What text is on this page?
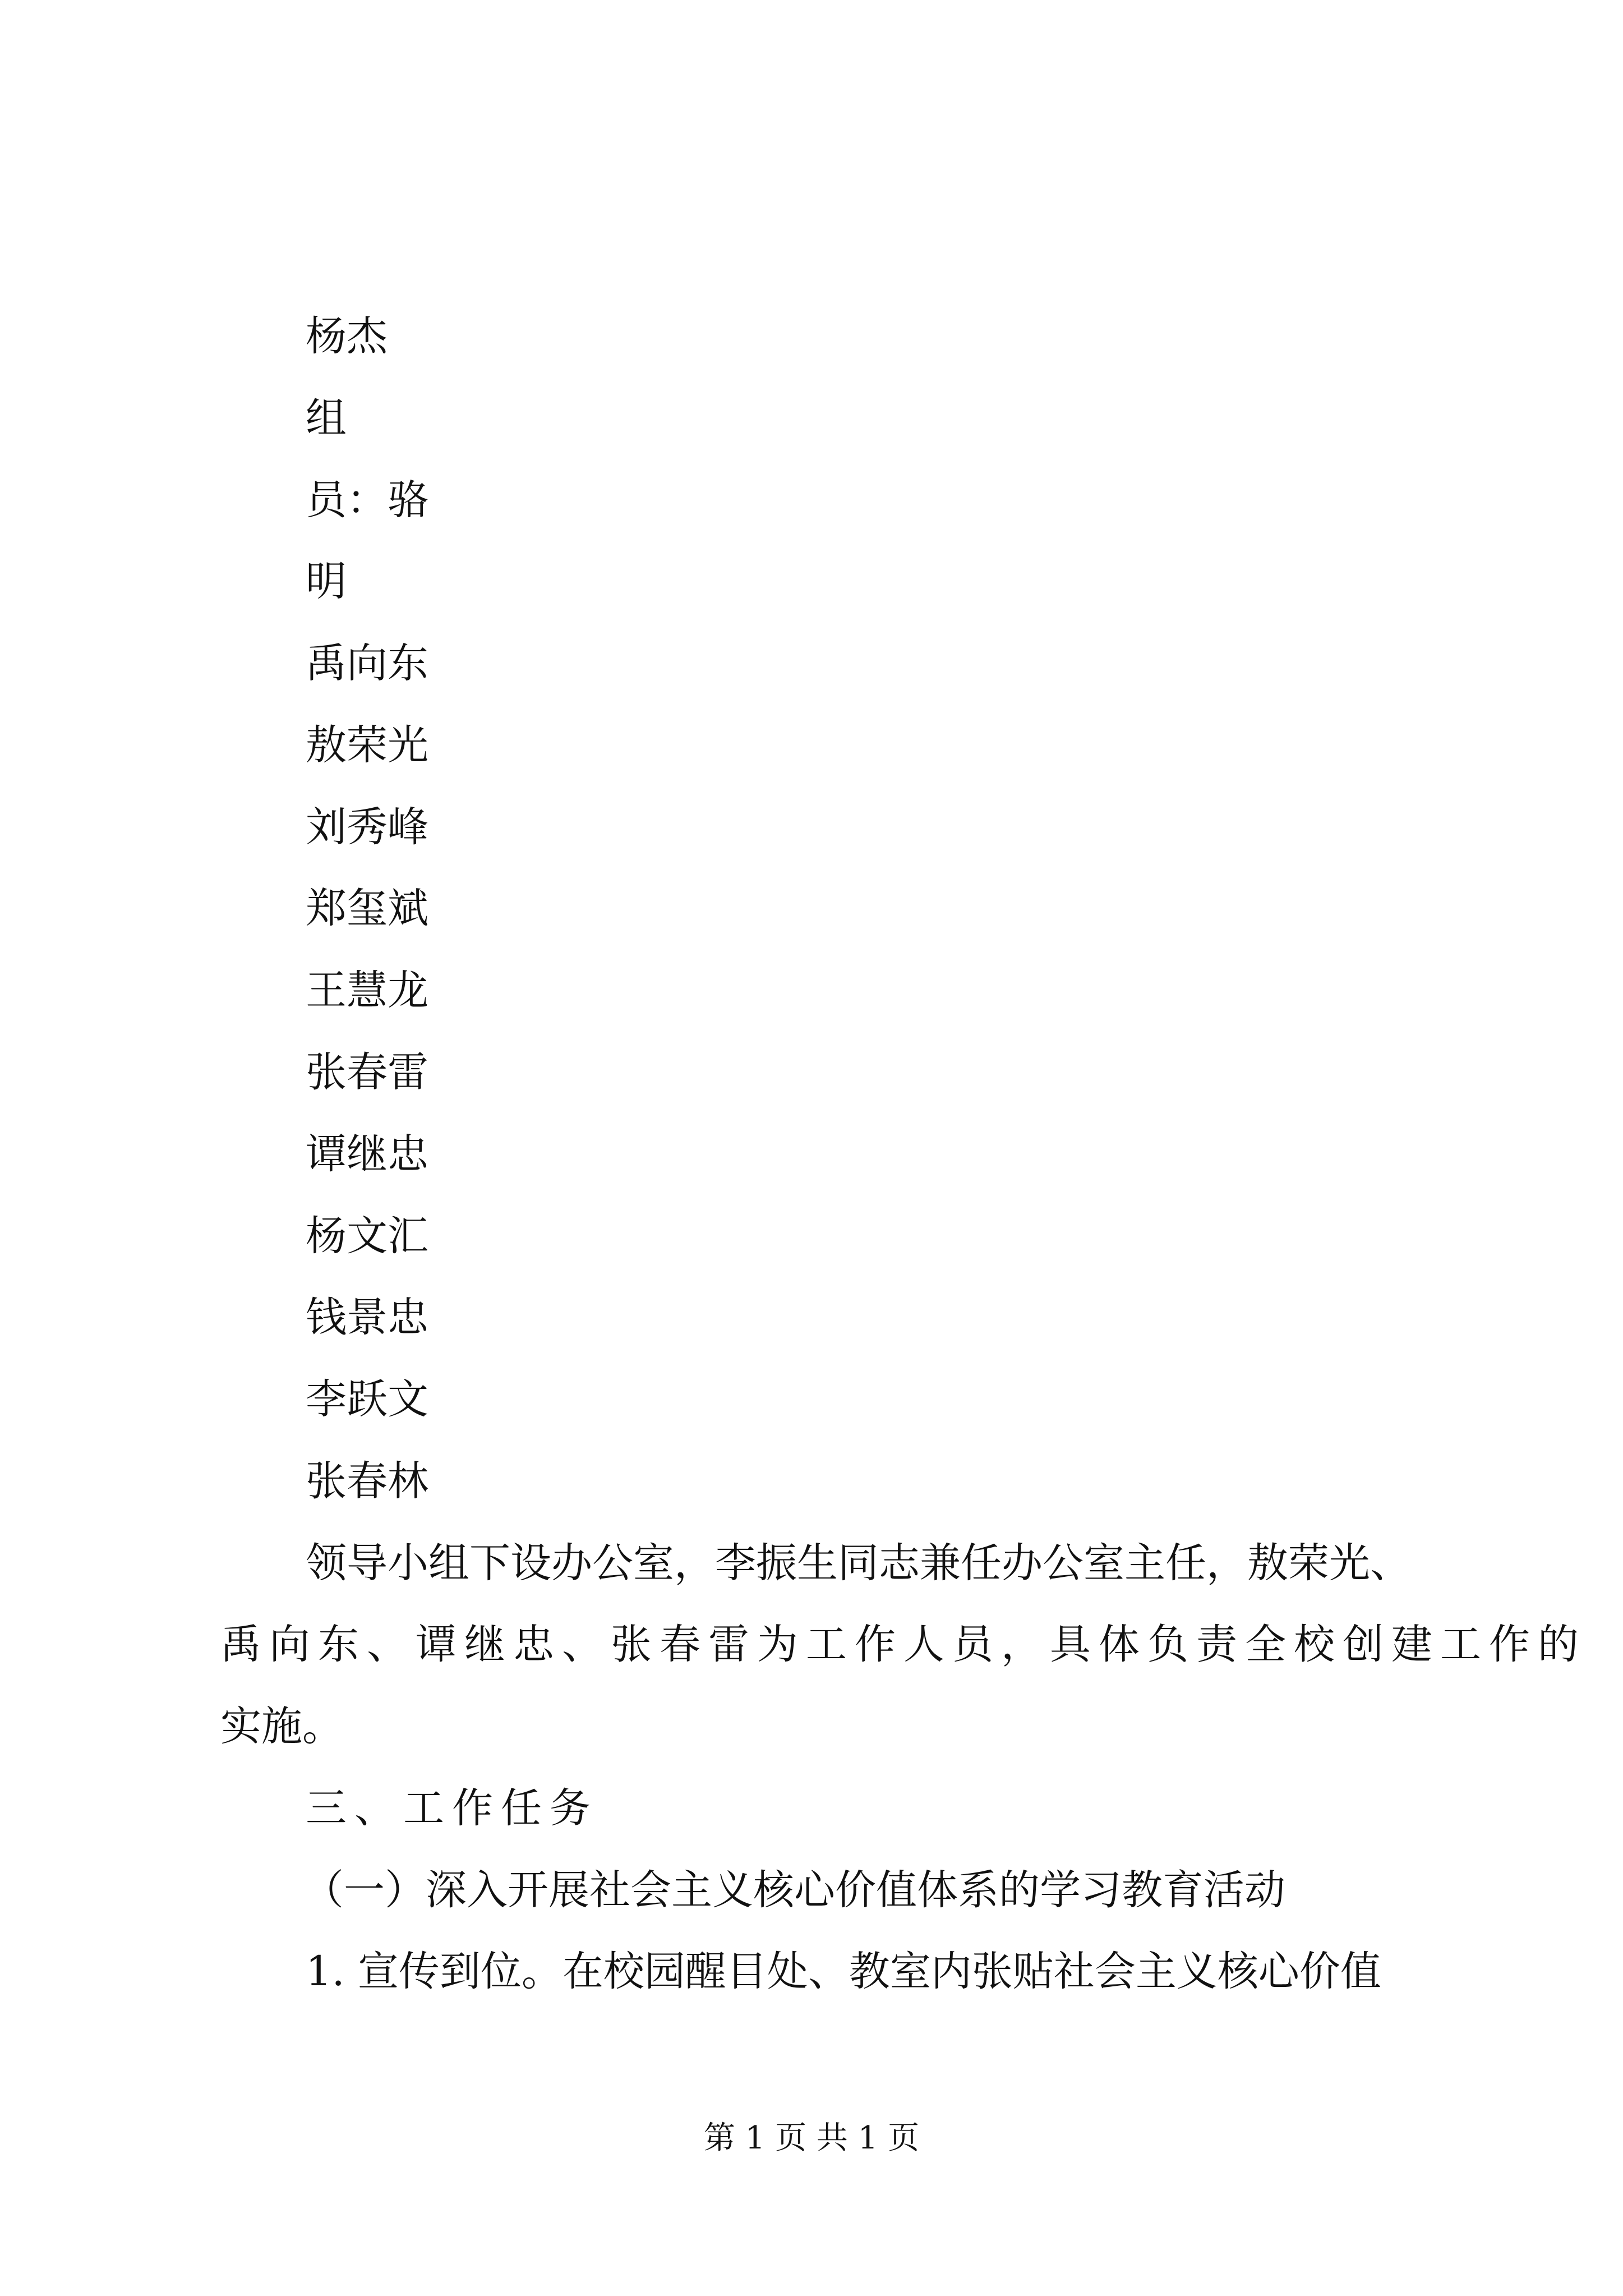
杨杰
组
员：骆
明
禹向东
敖荣光
刘秀峰
郑玺斌
王慧龙
张春雷
谭继忠
杨文汇
钱景忠
李跃文
张春林
领导小组下设办公室，李振生同志兼任办公室主任，敖荣光、
禹向东、谭继忠、张春雷为工作人员，具体负责全校创建工作的
实施。
三、工作任务
（一）深入开展社会主义核心价值体系的学习教育活动
1. 宣传到位。在校园醒目处、教室内张贴社会主义核心价值
第 1 页 共 1 页
